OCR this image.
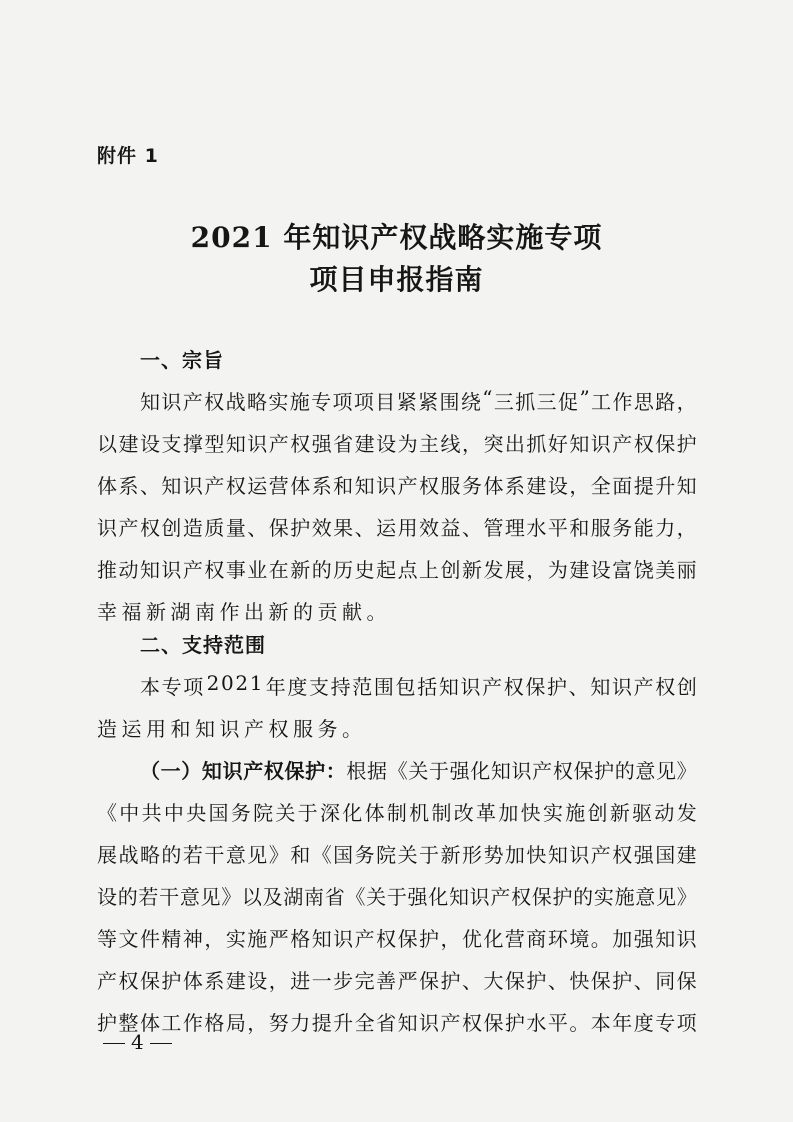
附件 1
2021 年知识产权战略实施专项
项目申报指南
一、宗旨
知 识 产 权 战 略 实 施 专 项 项 目 紧 紧 围 绕 “ 三 抓 三 促 ” 工 作 思 路 ，
以 建 设 支 撑 型 知 识 产 权 强 省 建 设 为 主 线 ， 突 出 抓 好 知 识 产 权 保 护
体 系 、 知 识 产 权 运 营 体 系 和 知 识 产 权 服 务 体 系 建 设 ， 全 面 提 升 知
识 产 权 创 造 质 量 、 保 护 效 果 、 运 用 效 益 、 管 理 水 平 和 服 务 能 力 ，
推 动 知 识 产 权 事 业 在 新 的 历 史 起 点 上 创 新 发 展 ， 为 建 设 富 饶 美 丽
幸福新湖南作出新的贡献。
二、支持范围
本 专 项 2 0 2 1 年 度 支 持 范 围 包 括 知 识 产 权 保 护 、 知 识 产 权 创
造运用和知识产权服务。
（ 一 ） 知 识 产 权 保 护 ： 根 据 《 关 于 强 化 知 识 产 权 保 护 的 意 见 》
《 中 共 中 央 国 务 院 关 于 深 化 体 制 机 制 改 革 加 快 实 施 创 新 驱 动 发
展 战 略 的 若 干 意 见 》 和 《 国 务 院 关 于 新 形 势 加 快 知 识 产 权 强 国 建
设 的 若 干 意 见 》 以 及 湖 南 省 《 关 于 强 化 知 识 产 权 保 护 的 实 施 意 见 》
等 文 件 精 神 ， 实 施 严 格 知 识 产 权 保 护 ， 优 化 营 商 环 境 。 加 强 知 识
产 权 保 护 体 系 建 设 ， 进 一 步 完 善 严 保 护 、 大 保 护 、 快 保 护 、 同 保
护 整 体 工 作 格 局 ， 努 力 提 升 全 省 知 识 产 权 保 护 水 平 。 本 年 度 专 项
4
